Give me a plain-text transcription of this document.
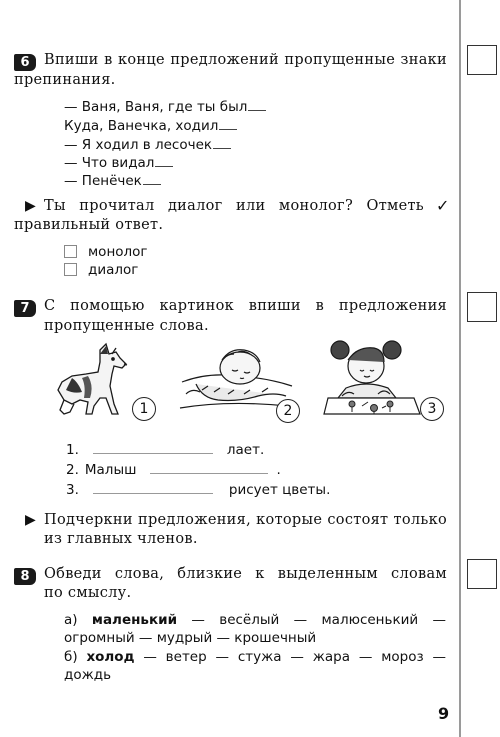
6 Впиши в конце предложений пропущенные знаки
препинания.
— Ваня, Ваня, где ты был
Куда, Ванечка, ходил
— Я ходил в лесочек
— Что видал
— Пенёчек
▶ Ты прочитал диалог или монолог? Отметь ✓
правильный ответ.
монолог
диалог
7 С помощью картинок впиши в предложения
пропущенные слова.
1	2	3
1.	лает.
2. Малыш	.
3.	рисует цветы.
▶ Подчеркни предложения, которые состоят только
из главных членов.
8 Обведи слова, близкие к выделенным словам
по смыслу.
а) маленький — весёлый — малюсенький —
огромный — мудрый — крошечный
б) холод — ветер — стужа — жара — мороз —
дождь
9
